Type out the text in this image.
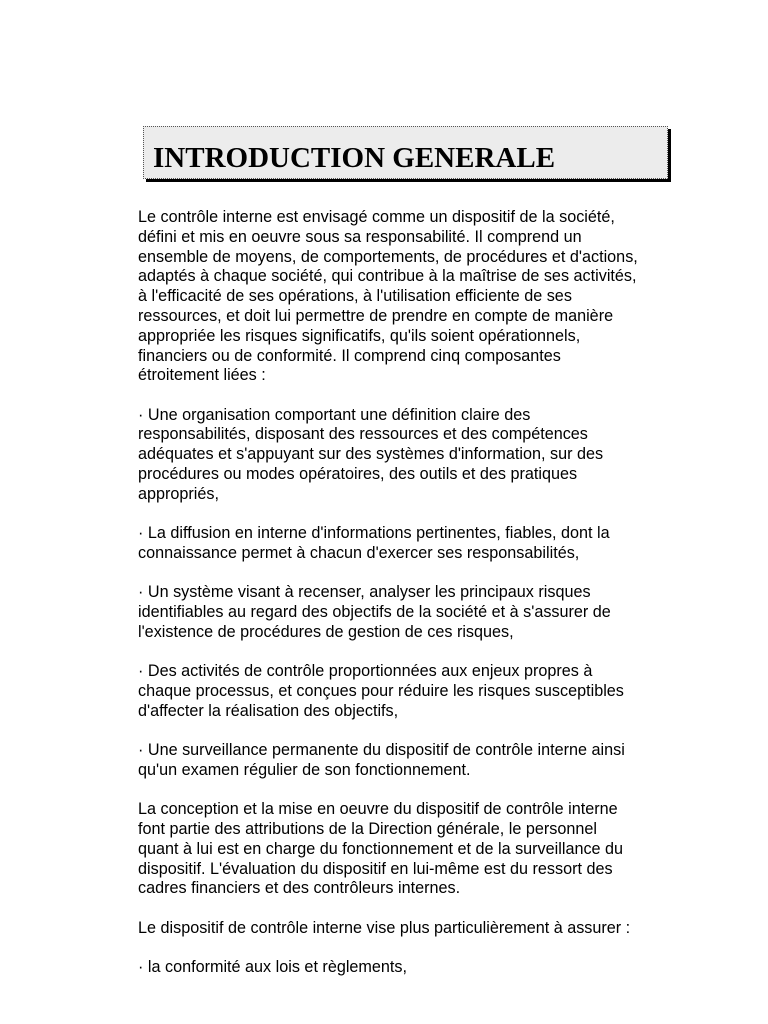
INTRODUCTION GENERALE

Le contrôle interne est envisagé comme un dispositif de la société,
défini et mis en oeuvre sous sa responsabilité. Il comprend un
ensemble de moyens, de comportements, de procédures et d'actions,
adaptés à chaque société, qui contribue à la maîtrise de ses activités,
à l'efficacité de ses opérations, à l'utilisation efficiente de ses
ressources, et doit lui permettre de prendre en compte de manière
appropriée les risques significatifs, qu'ils soient opérationnels,
financiers ou de conformité. Il comprend cinq composantes
étroitement liées :

· Une organisation comportant une définition claire des
responsabilités, disposant des ressources et des compétences
adéquates et s'appuyant sur des systèmes d'information, sur des
procédures ou modes opératoires, des outils et des pratiques
appropriés,

· La diffusion en interne d'informations pertinentes, fiables, dont la
connaissance permet à chacun d'exercer ses responsabilités,

· Un système visant à recenser, analyser les principaux risques
identifiables au regard des objectifs de la société et à s'assurer de
l'existence de procédures de gestion de ces risques,

· Des activités de contrôle proportionnées aux enjeux propres à
chaque processus, et conçues pour réduire les risques susceptibles
d'affecter la réalisation des objectifs,

· Une surveillance permanente du dispositif de contrôle interne ainsi
qu'un examen régulier de son fonctionnement.

La conception et la mise en oeuvre du dispositif de contrôle interne
font partie des attributions de la Direction générale, le personnel
quant à lui est en charge du fonctionnement et de la surveillance du
dispositif. L'évaluation du dispositif en lui-même est du ressort des
cadres financiers et des contrôleurs internes.

Le dispositif de contrôle interne vise plus particulièrement à assurer :

· la conformité aux lois et règlements,
